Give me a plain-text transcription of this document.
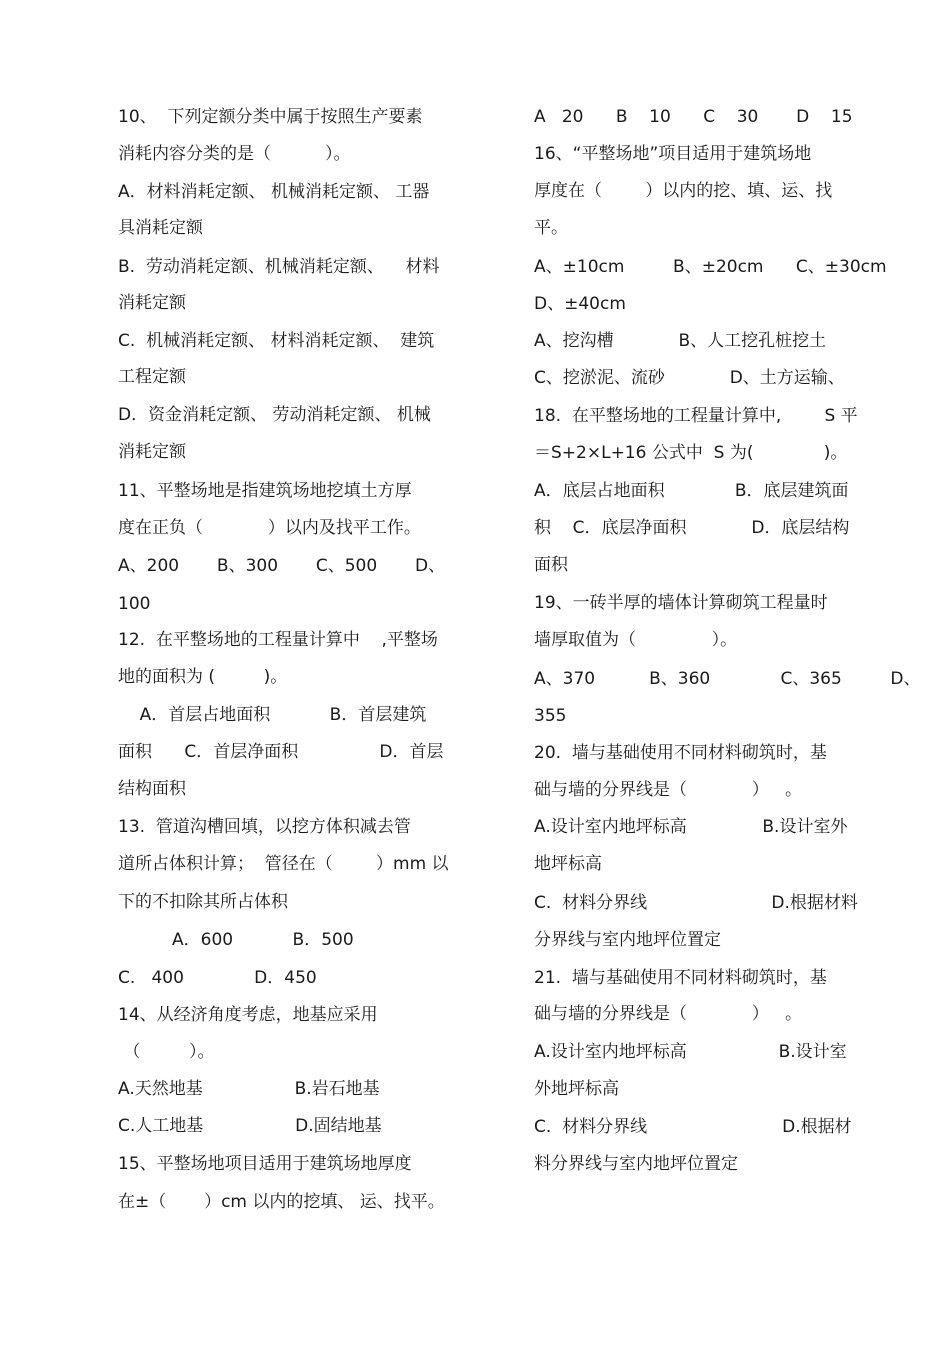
10、  下列定额分类中属于按照生产要素
消耗内容分类的是（          ）。
A．材料消耗定额、 机械消耗定额、 工器
具消耗定额
B.  劳动消耗定额、机械消耗定额、    材料
消耗定额
C.  机械消耗定额、 材料消耗定额、  建筑
工程定额
D．资金消耗定额、 劳动消耗定额、 机械
消耗定额
11、平整场地是指建筑场地挖填土方厚
度在正负（            ）以内及找平工作。
A、200       B、300       C、500       D、
100
12.  在平整场地的工程量计算中    ,平整场
地的面积为 (         )。
A．首层占地面积           B．首层建筑
面积      C．首层净面积               D．首层
结构面积
13.  管道沟槽回填，以挖方体积减去管
道所占体积计算；  管径在（        ）mm 以
下的不扣除其所占体积
A．600           B．500
C.   400             D．450
14、从经济角度考虑，地基应采用
（         ）。
A.天然地基                 B.岩石地基
C.人工地基                 D.固结地基
15、平整场地项目适用于建筑场地厚度
在±（       ）cm 以内的挖填、 运、找平。
A   20      B    10      C    30       D    15
16、“平整场地”项目适用于建筑场地
厚度在（        ）以内的挖、填、运、找
平。
A、±10cm         B、±20cm      C、±30cm
D、±40cm
A、挖沟槽            B、人工挖孔桩挖土
C、挖淤泥、流砂            D、土方运输、
18.  在平整场地的工程量计算中,        S 平
＝S+2×L+16 公式中  S 为(             )。
A．底层占地面积             B．底层建筑面
积    C．底层净面积            D．底层结构
面积
19、一砖半厚的墙体计算砌筑工程量时
墙厚取值为（              ）。
A、370          B、360             C、365         D、
355
20.  墙与基础使用不同材料砌筑时，基
础与墙的分界线是（            ）   。
A.设计室内地坪标高              B.设计室外
地坪标高
C.  材料分界线                       D.根据材料
分界线与室内地坪位置定
21.  墙与基础使用不同材料砌筑时，基
础与墙的分界线是（            ）   。
A.设计室内地坪标高                 B.设计室
外地坪标高
C.  材料分界线                         D.根据材
料分界线与室内地坪位置定
